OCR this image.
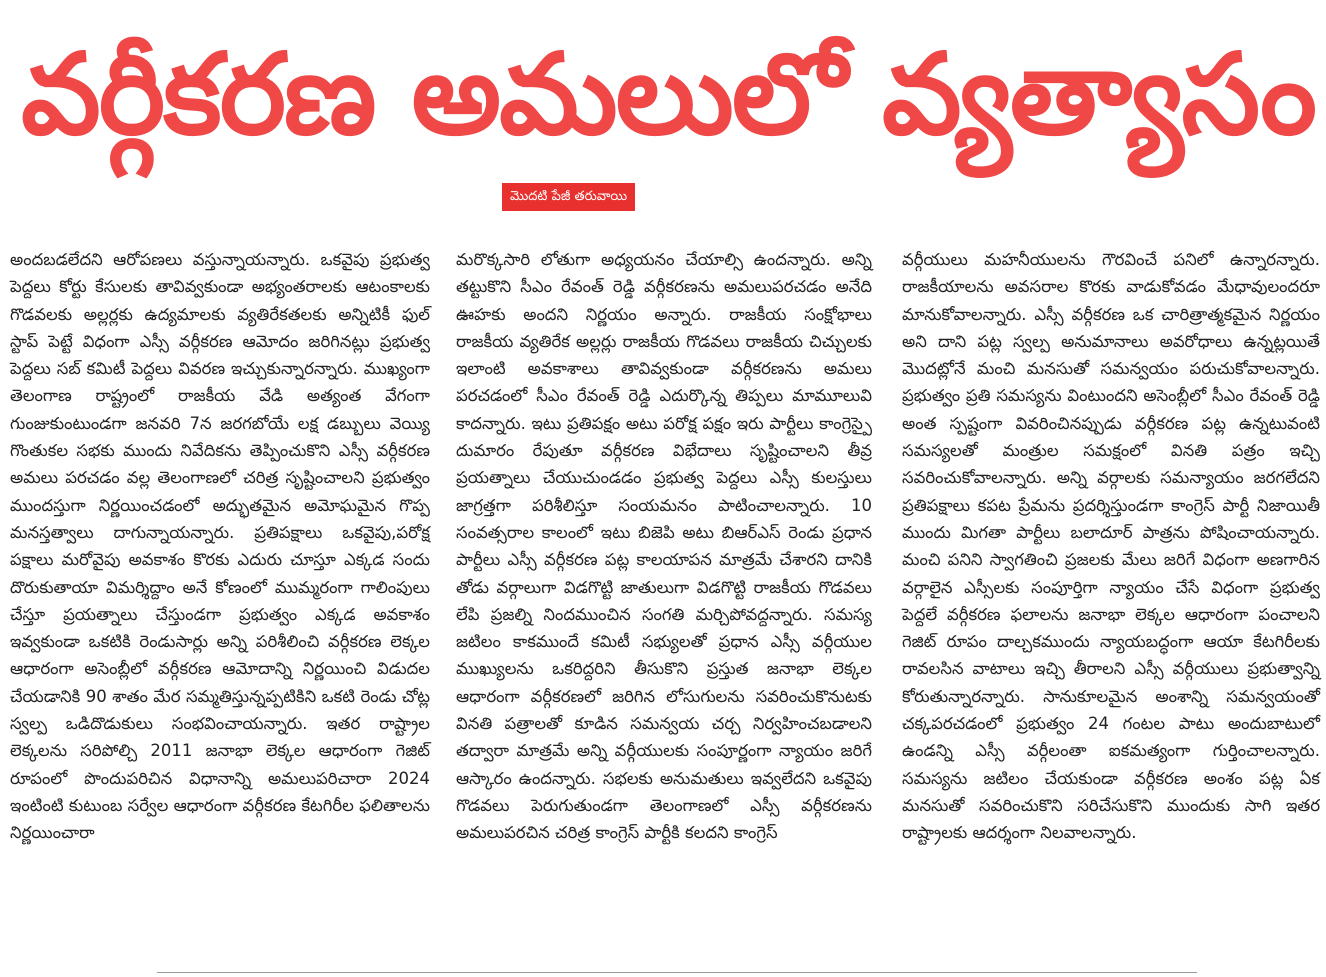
వర్గీకరణ అమలులో వ్యత్యాసం
మొదటి పేజీ తరువాయి

అందబడలేదని ఆరోపణలు వస్తున్నాయన్నారు. ఒకవైపు ప్రభుత్వ పెద్దలు కోర్టు కేసులకు తావివ్వకుండా అభ్యంతరాలకు ఆటంకాలకు గొడవలకు అల్లర్లకు ఉద్యమాలకు వ్యతిరేకతలకు అన్నిటికీ ఫుల్ స్టాప్ పెట్టే విధంగా ఎస్సీ వర్గీకరణ ఆమోదం జరిగినట్లు ప్రభుత్వ పెద్దలు సబ్ కమిటీ పెద్దలు వివరణ ఇచ్చుకున్నారన్నారు. ముఖ్యంగా తెలంగాణ రాష్ట్రంలో రాజకీయ వేడి అత్యంత వేగంగా గుంజుకుంటుండగా జనవరి 7న జరగబోయే లక్ష డబ్బులు వెయ్యి గొంతుకల సభకు ముందు నివేదికను తెప్పించుకొని ఎస్సీ వర్గీకరణ అమలు పరచడం వల్ల తెలంగాణలో చరిత్ర సృష్టించాలని ప్రభుత్వం ముందస్తుగా నిర్ణయించడంలో అద్భుతమైన అమోఘమైన గొప్ప మనస్తత్వాలు దాగున్నాయన్నారు. ప్రతిపక్షాలు ఒకవైపు,పరోక్ష పక్షాలు మరోవైపు అవకాశం కొరకు ఎదురు చూస్తూ ఎక్కడ సందు దొరుకుతాయా విమర్శిద్దాం అనే కోణంలో ముమ్మరంగా గాలింపులు చేస్తూ ప్రయత్నాలు చేస్తుండగా ప్రభుత్వం ఎక్కడ అవకాశం ఇవ్వకుండా ఒకటికి రెండుసార్లు అన్ని పరిశీలించి వర్గీకరణ లెక్కల ఆధారంగా అసెంబ్లీలో వర్గీకరణ ఆమోదాన్ని నిర్ణయించి విడుదల చేయడానికి 90 శాతం మేర సమ్మతిస్తున్నప్పటికిని ఒకటి రెండు చోట్ల స్వల్ప ఒడిదొడుకులు సంభవించాయన్నారు. ఇతర రాష్ట్రాల లెక్కలను సరిపోల్చి 2011 జనాభా లెక్కల ఆధారంగా గెజిట్ రూపంలో పొందుపరిచిన విధానాన్ని అమలుపరిచారా 2024 ఇంటింటి కుటుంబ సర్వేల ఆధారంగా వర్గీకరణ కేటగిరీల ఫలితాలను నిర్ణయించారా

మరొక్కసారి లోతుగా అధ్యయనం చేయాల్సి ఉందన్నారు. అన్ని తట్టుకొని సీఎం రేవంత్ రెడ్డి వర్గీకరణను అమలుపరచడం అనేది ఊహకు అందని నిర్ణయం అన్నారు. రాజకీయ సంక్షోభాలు రాజకీయ వ్యతిరేక అల్లర్లు రాజకీయ గొడవలు రాజకీయ చిచ్చులకు ఇలాంటి అవకాశాలు తావివ్వకుండా వర్గీకరణను అమలు పరచడంలో సీఎం రేవంత్ రెడ్డి ఎదుర్కొన్న తిప్పలు మామూలువి కాదన్నారు. ఇటు ప్రతిపక్షం అటు పరోక్ష పక్షం ఇరు పార్టీలు కాంగ్రెస్పై దుమారం రేపుతూ వర్గీకరణ విభేదాలు సృష్టించాలని తీవ్ర ప్రయత్నాలు చేయుచుండడం ప్రభుత్వ పెద్దలు ఎస్సీ కులస్తులు జాగ్రత్తగా పరిశీలిస్తూ సంయమనం పాటించాలన్నారు. 10 సంవత్సరాల కాలంలో ఇటు బిజెపి అటు బిఆర్ఎస్ రెండు ప్రధాన పార్టీలు ఎస్సీ వర్గీకరణ పట్ల కాలయాపన మాత్రమే చేశారని దానికి తోడు వర్గాలుగా విడగొట్టి జాతులుగా విడగొట్టి రాజకీయ గొడవలు లేపి ప్రజల్ని నిందముంచిన సంగతి మర్చిపోవద్దన్నారు. సమస్య జటిలం కాకముందే కమిటీ సభ్యులతో ప్రధాన ఎస్సీ వర్గీయుల ముఖ్యులను ఒకరిద్దరిని తీసుకొని ప్రస్తుత జనాభా లెక్కల ఆధారంగా వర్గీకరణలో జరిగిన లోసుగులను సవరించుకొనుటకు వినతి పత్రాలతో కూడిన సమన్వయ చర్చ నిర్వహించబడాలని తద్వారా మాత్రమే అన్ని వర్గీయులకు సంపూర్ణంగా న్యాయం జరిగే ఆస్కారం ఉందన్నారు. సభలకు అనుమతులు ఇవ్వలేదని ఒకవైపు గొడవలు పెరుగుతుండగా తెలంగాణలో ఎస్సీ వర్గీకరణను అమలుపరచిన చరిత్ర కాంగ్రెస్ పార్టీకి కలదని కాంగ్రెస్

వర్గీయులు మహనీయులను గౌరవించే పనిలో ఉన్నారన్నారు. రాజకీయాలను అవసరాల కొరకు వాడుకోవడం మేధావులందరూ మానుకోవాలన్నారు. ఎస్సీ వర్గీకరణ ఒక చారిత్రాత్మకమైన నిర్ణయం అని దాని పట్ల స్వల్ప అనుమానాలు అవరోధాలు ఉన్నట్లయితే మొదట్లోనే మంచి మనసుతో సమన్వయం పరుచుకోవాలన్నారు. ప్రభుత్వం ప్రతి సమస్యను వింటుందని అసెంబ్లీలో సీఎం రేవంత్ రెడ్డి అంత స్పష్టంగా వివరించినప్పుడు వర్గీకరణ పట్ల ఉన్నటువంటి సమస్యలతో మంత్రుల సమక్షంలో వినతి పత్రం ఇచ్చి సవరించుకోవాలన్నారు. అన్ని వర్గాలకు సమన్యాయం జరగలేదని ప్రతిపక్షాలు కపట ప్రేమను ప్రదర్శిస్తుండగా కాంగ్రెస్ పార్టీ నిజాయితీ ముందు మిగతా పార్టీలు బలాదూర్ పాత్రను పోషించాయన్నారు. మంచి పనిని స్వాగతించి ప్రజలకు మేలు జరిగే విధంగా అణగారిన వర్గాలైన ఎస్సీలకు సంపూర్తిగా న్యాయం చేసే విధంగా ప్రభుత్వ పెద్దలే వర్గీకరణ ఫలాలను జనాభా లెక్కల ఆధారంగా పంచాలని గెజిట్ రూపం దాల్చకముందు న్యాయబద్ధంగా ఆయా కేటగిరీలకు రావలసిన వాటాలు ఇచ్చి తీరాలని ఎస్సీ వర్గీయులు ప్రభుత్వాన్ని కోరుతున్నారన్నారు. సానుకూలమైన అంశాన్ని సమన్వయంతో చక్కపరచడంలో ప్రభుత్వం 24 గంటల పాటు అందుబాటులో ఉండన్ని ఎస్సీ వర్గీలంతా ఐకమత్యంగా గుర్తించాలన్నారు. సమస్యను జటిలం చేయకుండా వర్గీకరణ అంశం పట్ల ఏక మనసుతో సవరించుకొని సరిచేసుకొని ముందుకు సాగి ఇతర రాష్ట్రాలకు ఆదర్శంగా నిలవాలన్నారు.
